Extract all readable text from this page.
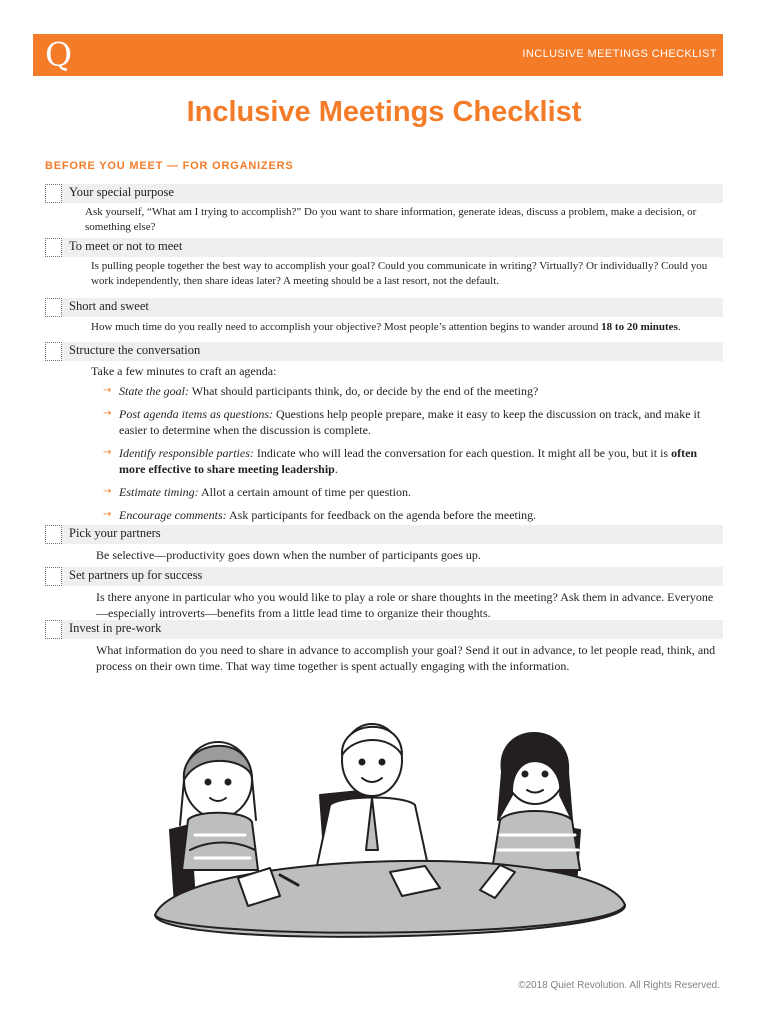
Q	INCLUSIVE MEETINGS CHECKLIST
Inclusive Meetings Checklist
BEFORE YOU MEET — FOR ORGANIZERS
Your special purpose
Ask yourself, “What am I trying to accomplish?” Do you want to share information, generate ideas, discuss a problem, make a decision, or something else?
To meet or not to meet
Is pulling people together the best way to accomplish your goal? Could you communicate in writing? Virtually? Or individually? Could you work independently, then share ideas later? A meeting should be a last resort, not the default.
Short and sweet
How much time do you really need to accomplish your objective? Most people’s attention begins to wander around 18 to 20 minutes.
Structure the conversation
Take a few minutes to craft an agenda:
→ State the goal: What should participants think, do, or decide by the end of the meeting?
→ Post agenda items as questions: Questions help people prepare, make it easy to keep the discussion on track, and make it easier to determine when the discussion is complete.
→ Identify responsible parties: Indicate who will lead the conversation for each question. It might all be you, but it is often more effective to share meeting leadership.
→ Estimate timing: Allot a certain amount of time per question.
→ Encourage comments: Ask participants for feedback on the agenda before the meeting.
Pick your partners
Be selective—productivity goes down when the number of participants goes up.
Set partners up for success
Is there anyone in particular who you would like to play a role or share thoughts in the meeting? Ask them in advance. Everyone—especially introverts—benefits from a little lead time to organize their thoughts.
Invest in pre-work
What information do you need to share in advance to accomplish your goal? Send it out in advance, to let people read, think, and process on their own time. That way time together is spent actually engaging with the information.
©2018 Quiet Revolution. All Rights Reserved.
